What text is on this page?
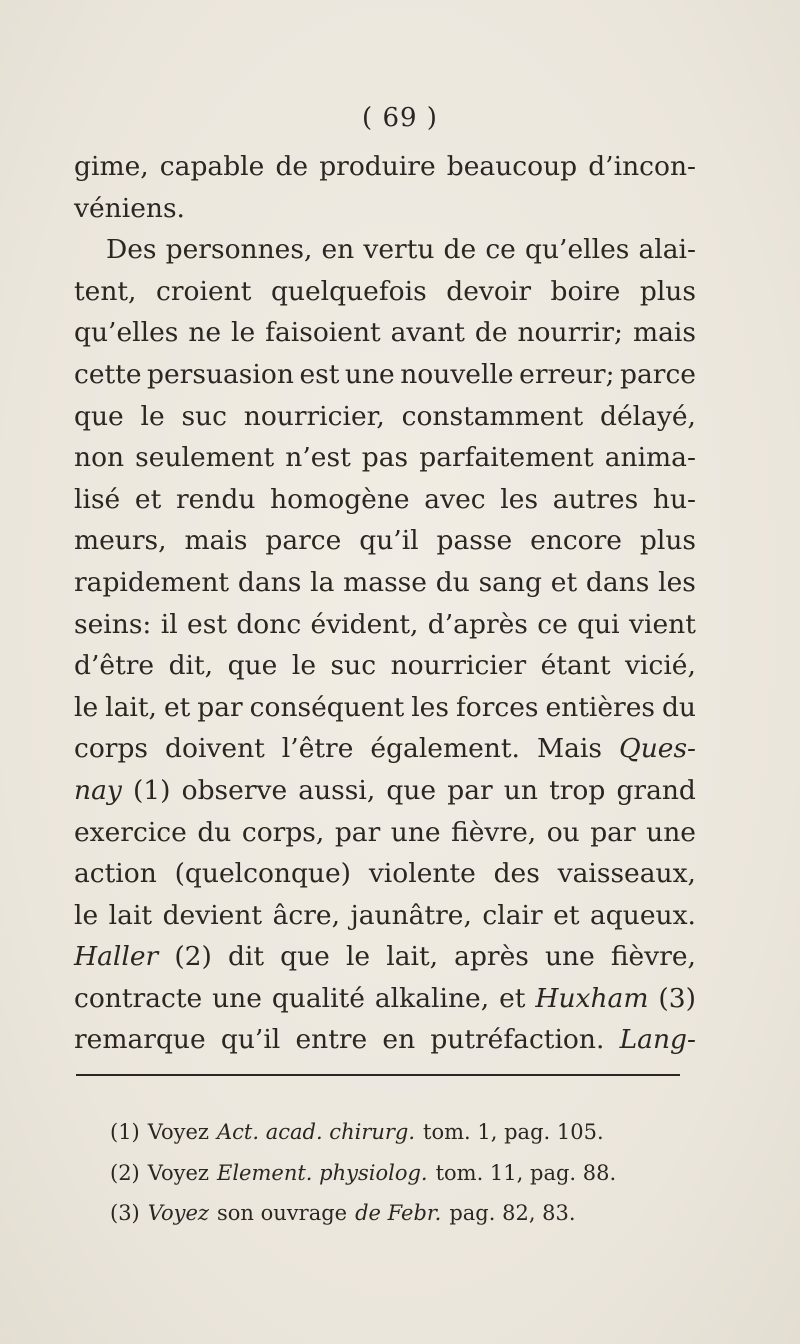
( 69 )
gime, capable de produire beaucoup d’incon-
véniens.
Des personnes, en vertu de ce qu’elles alai-
tent, croient quelquefois devoir boire plus
qu’elles ne le faisoient avant de nourrir; mais
cette persuasion est une nouvelle erreur; parce
que le suc nourricier, constamment délayé,
non seulement n’est pas parfaitement anima-
lisé et rendu homogène avec les autres hu-
meurs, mais parce qu’il passe encore plus
rapidement dans la masse du sang et dans les
seins: il est donc évident, d’après ce qui vient
d’être dit, que le suc nourricier étant vicié,
le lait, et par conséquent les forces entières du
corps doivent l’être également. Mais Ques-
nay (1) observe aussi, que par un trop grand
exercice du corps, par une fièvre, ou par une
action (quelconque) violente des vaisseaux,
le lait devient âcre, jaunâtre, clair et aqueux.
Haller (2) dit que le lait, après une fièvre,
contracte une qualité alkaline, et Huxham (3)
remarque qu’il entre en putréfaction. Lang-
(1) Voyez Act. acad. chirurg. tom. 1, pag. 105.
(2) Voyez Element. physiolog. tom. 11, pag. 88.
(3) Voyez son ouvrage de Febr. pag. 82, 83.
